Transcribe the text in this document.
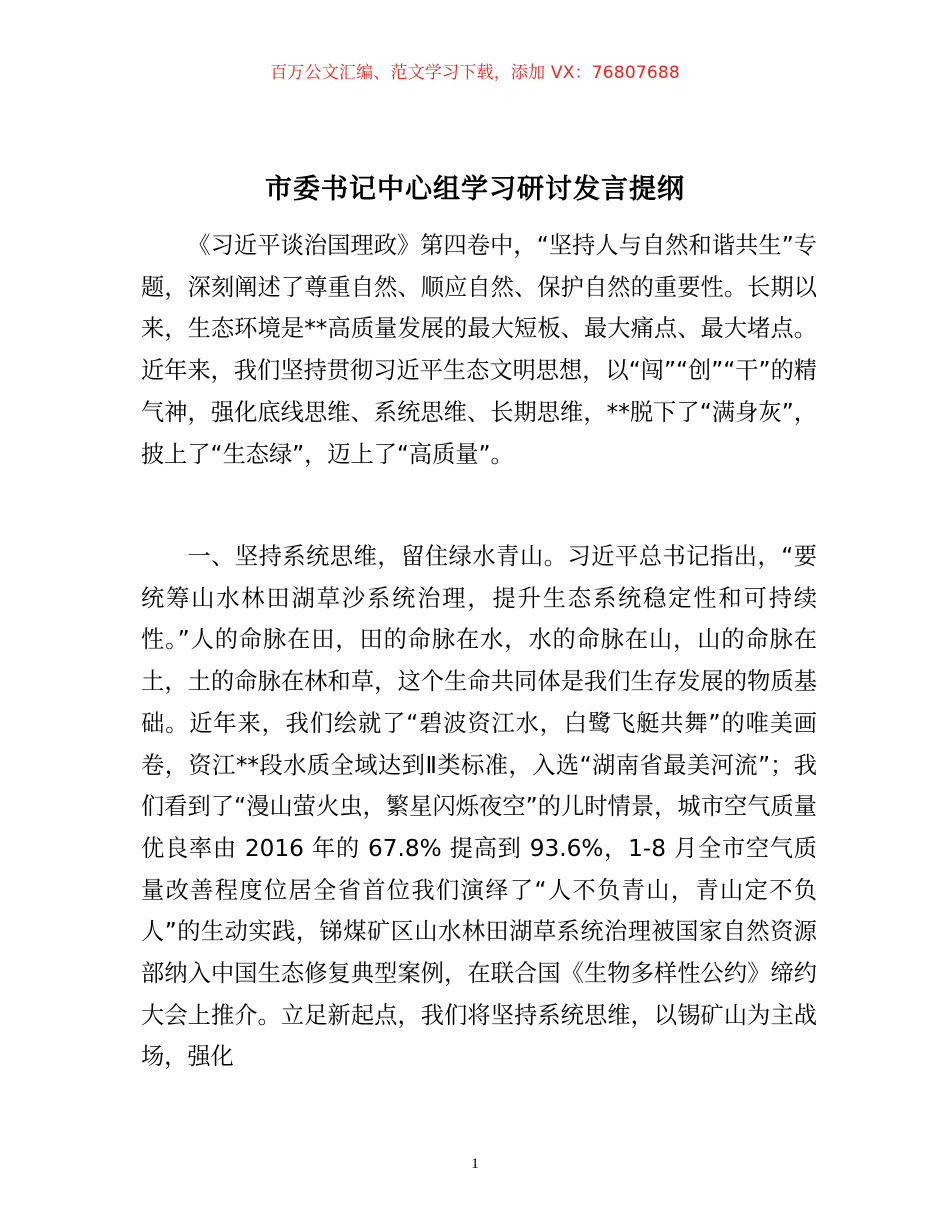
百万公文汇编、范文学习下载，添加 VX：76807688
市委书记中心组学习研讨发言提纲

《习近平谈治国理政》第四卷中，“坚持人与自然和谐共生”专题，深刻阐述了尊重自然、顺应自然、保护自然的重要性。长期以来，生态环境是**高质量发展的最大短板、最大痛点、最大堵点。近年来，我们坚持贯彻习近平生态文明思想，以“闯”“创”“干”的精气神，强化底线思维、系统思维、长期思维，**脱下了“满身灰”，披上了“生态绿”，迈上了“高质量”。

一、坚持系统思维，留住绿水青山。习近平总书记指出，“要统筹山水林田湖草沙系统治理，提升生态系统稳定性和可持续性。”人的命脉在田，田的命脉在水，水的命脉在山，山的命脉在土，土的命脉在林和草，这个生命共同体是我们生存发展的物质基础。近年来，我们绘就了“碧波资江水，白鹭飞艇共舞”的唯美画卷，资江**段水质全域达到Ⅱ类标准，入选“湖南省最美河流”；我们看到了“漫山萤火虫，繁星闪烁夜空”的儿时情景，城市空气质量优良率由 2016 年的 67.8% 提高到 93.6%，1-8 月全市空气质量改善程度位居全省首位我们演绎了“人不负青山，青山定不负人”的生动实践，锑煤矿区山水林田湖草系统治理被国家自然资源部纳入中国生态修复典型案例，在联合国《生物多样性公约》缔约大会上推介。立足新起点，我们将坚持系统思维，以锡矿山为主战场，强化

1
